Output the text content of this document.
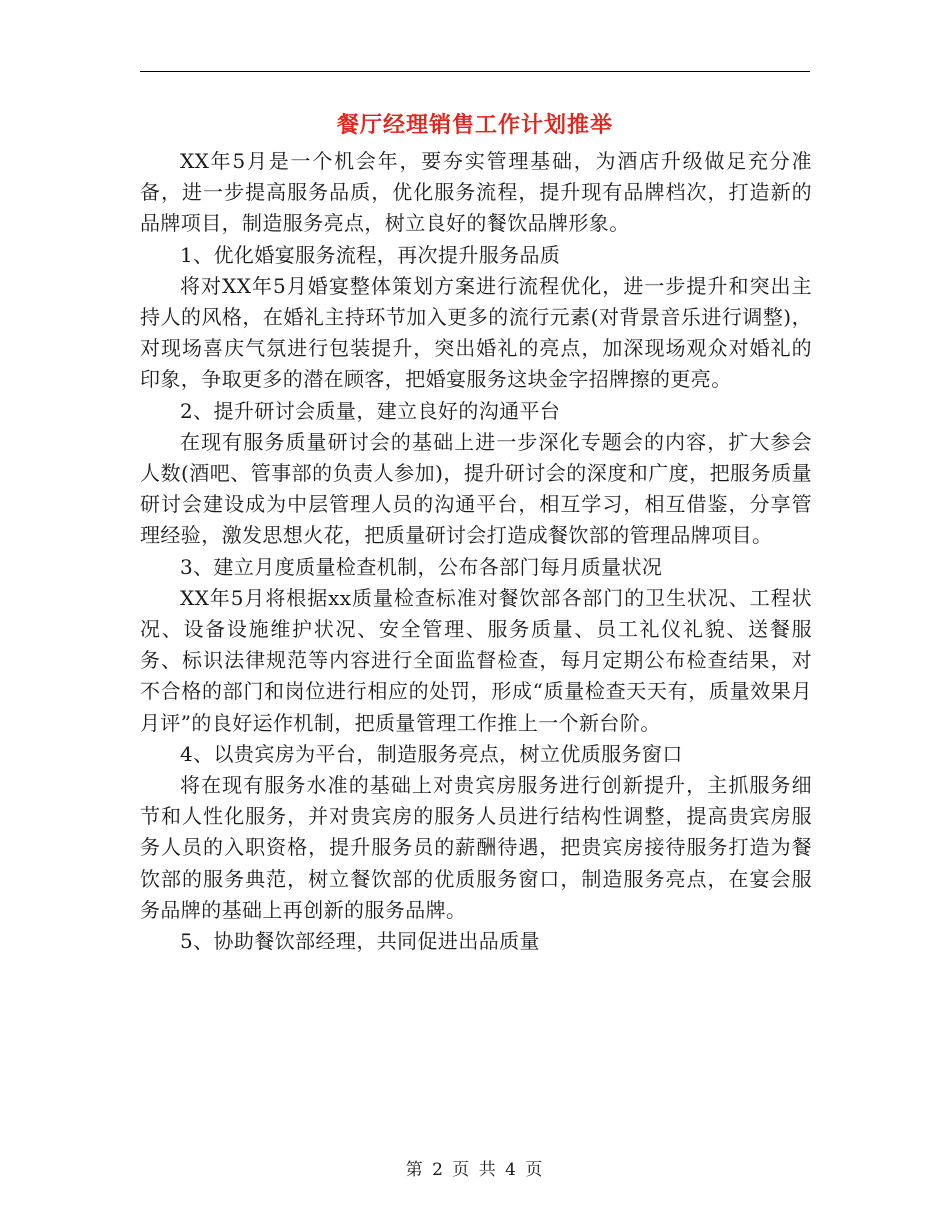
餐厅经理销售工作计划推举

XX年5月是一个机会年，要夯实管理基础，为酒店升级做足充分准备，进一步提高服务品质，优化服务流程，提升现有品牌档次，打造新的品牌项目，制造服务亮点，树立良好的餐饮品牌形象。

1、优化婚宴服务流程，再次提升服务品质

将对XX年5月婚宴整体策划方案进行流程优化，进一步提升和突出主持人的风格，在婚礼主持环节加入更多的流行元素(对背景音乐进行调整)，对现场喜庆气氛进行包装提升，突出婚礼的亮点，加深现场观众对婚礼的印象，争取更多的潜在顾客，把婚宴服务这块金字招牌擦的更亮。

2、提升研讨会质量，建立良好的沟通平台

在现有服务质量研讨会的基础上进一步深化专题会的内容，扩大参会人数(酒吧、管事部的负责人参加)，提升研讨会的深度和广度，把服务质量研讨会建设成为中层管理人员的沟通平台，相互学习，相互借鉴，分享管理经验，激发思想火花，把质量研讨会打造成餐饮部的管理品牌项目。

3、建立月度质量检查机制，公布各部门每月质量状况

XX年5月将根据xx质量检查标准对餐饮部各部门的卫生状况、工程状况、设备设施维护状况、安全管理、服务质量、员工礼仪礼貌、送餐服务、标识法律规范等内容进行全面监督检查，每月定期公布检查结果，对不合格的部门和岗位进行相应的处罚，形成“质量检查天天有，质量效果月月评”的良好运作机制，把质量管理工作推上一个新台阶。

4、以贵宾房为平台，制造服务亮点，树立优质服务窗口

将在现有服务水准的基础上对贵宾房服务进行创新提升，主抓服务细节和人性化服务，并对贵宾房的服务人员进行结构性调整，提高贵宾房服务人员的入职资格，提升服务员的薪酬待遇，把贵宾房接待服务打造为餐饮部的服务典范，树立餐饮部的优质服务窗口，制造服务亮点，在宴会服务品牌的基础上再创新的服务品牌。

5、协助餐饮部经理，共同促进出品质量

第 2 页 共 4 页
